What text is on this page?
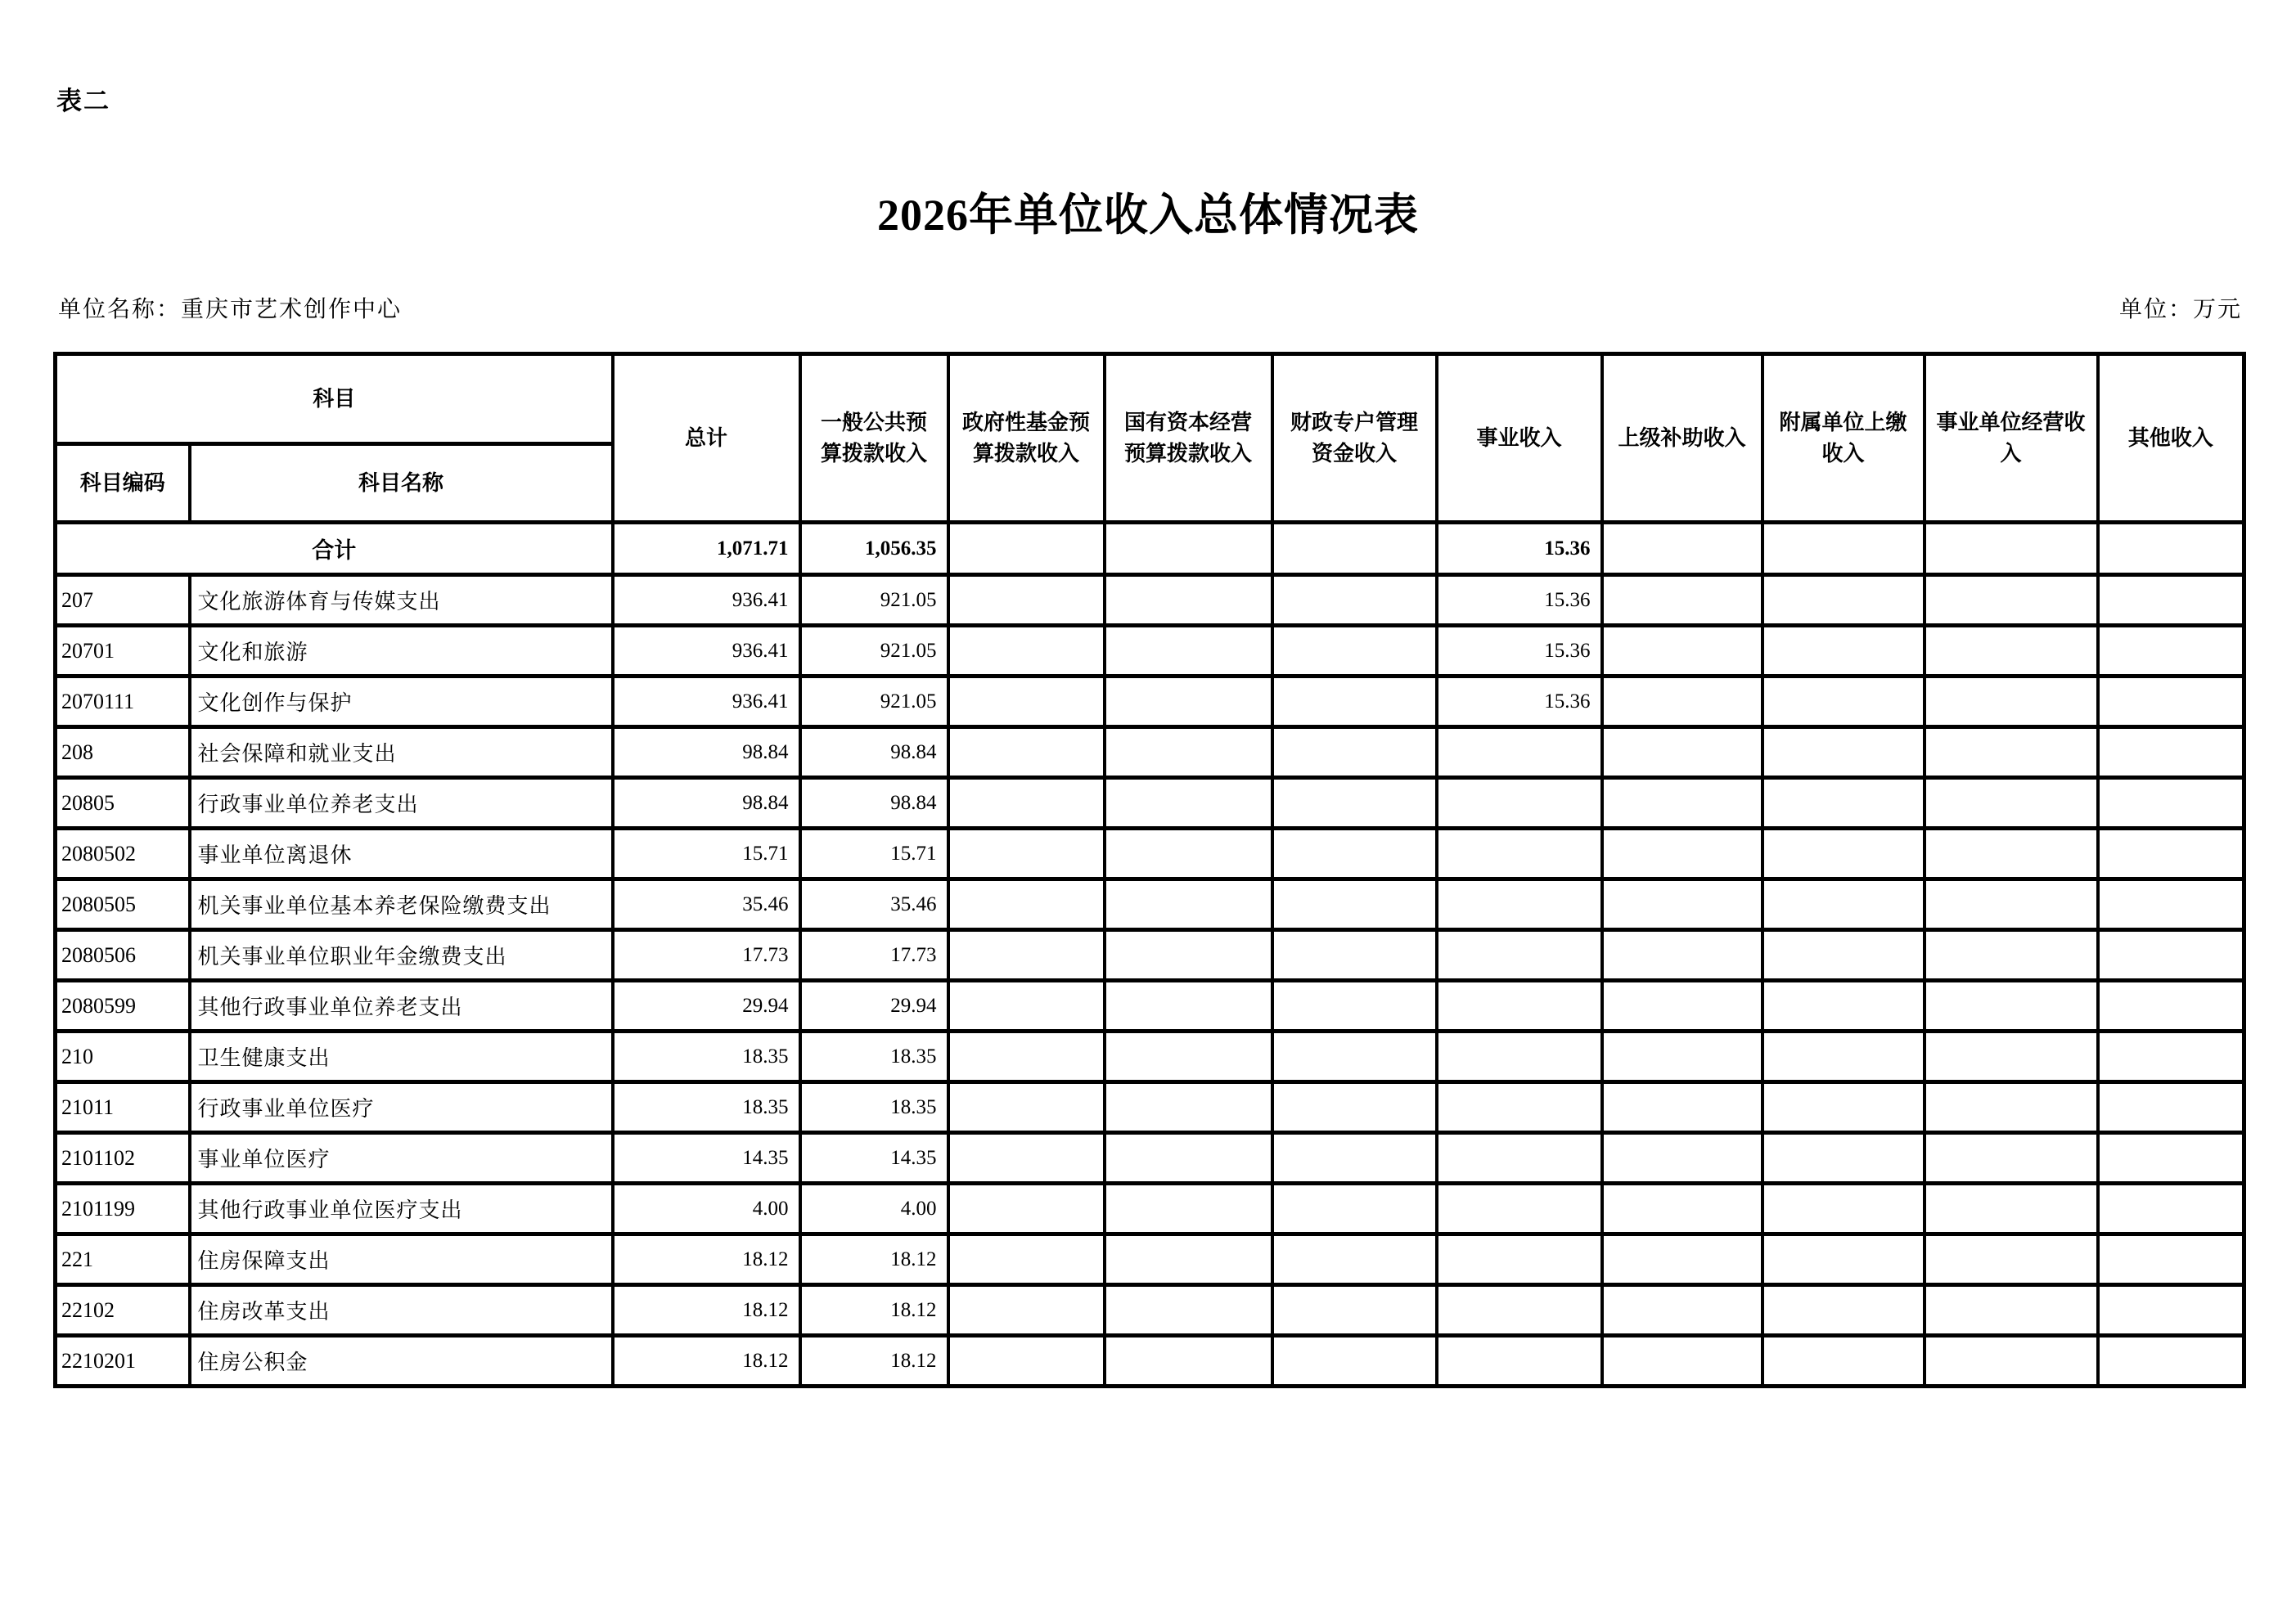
表二
2026年单位收入总体情况表
单位名称：重庆市艺术创作中心	单位：万元
科目		总计	一般公共预算拨款收入	政府性基金预算拨款收入	国有资本经营预算拨款收入	财政专户管理资金收入	事业收入	上级补助收入	附属单位上缴收入	事业单位经营收入	其他收入
科目编码	科目名称										
合计		1,071.71	1,056.35				15.36				
207	文化旅游体育与传媒支出	936.41	921.05				15.36				
20701	文化和旅游	936.41	921.05				15.36				
2070111	文化创作与保护	936.41	921.05				15.36				
208	社会保障和就业支出	98.84	98.84								
20805	行政事业单位养老支出	98.84	98.84								
2080502	事业单位离退休	15.71	15.71								
2080505	机关事业单位基本养老保险缴费支出	35.46	35.46								
2080506	机关事业单位职业年金缴费支出	17.73	17.73								
2080599	其他行政事业单位养老支出	29.94	29.94								
210	卫生健康支出	18.35	18.35								
21011	行政事业单位医疗	18.35	18.35								
2101102	事业单位医疗	14.35	14.35								
2101199	其他行政事业单位医疗支出	4.00	4.00								
221	住房保障支出	18.12	18.12								
22102	住房改革支出	18.12	18.12								
2210201	住房公积金	18.12	18.12								
